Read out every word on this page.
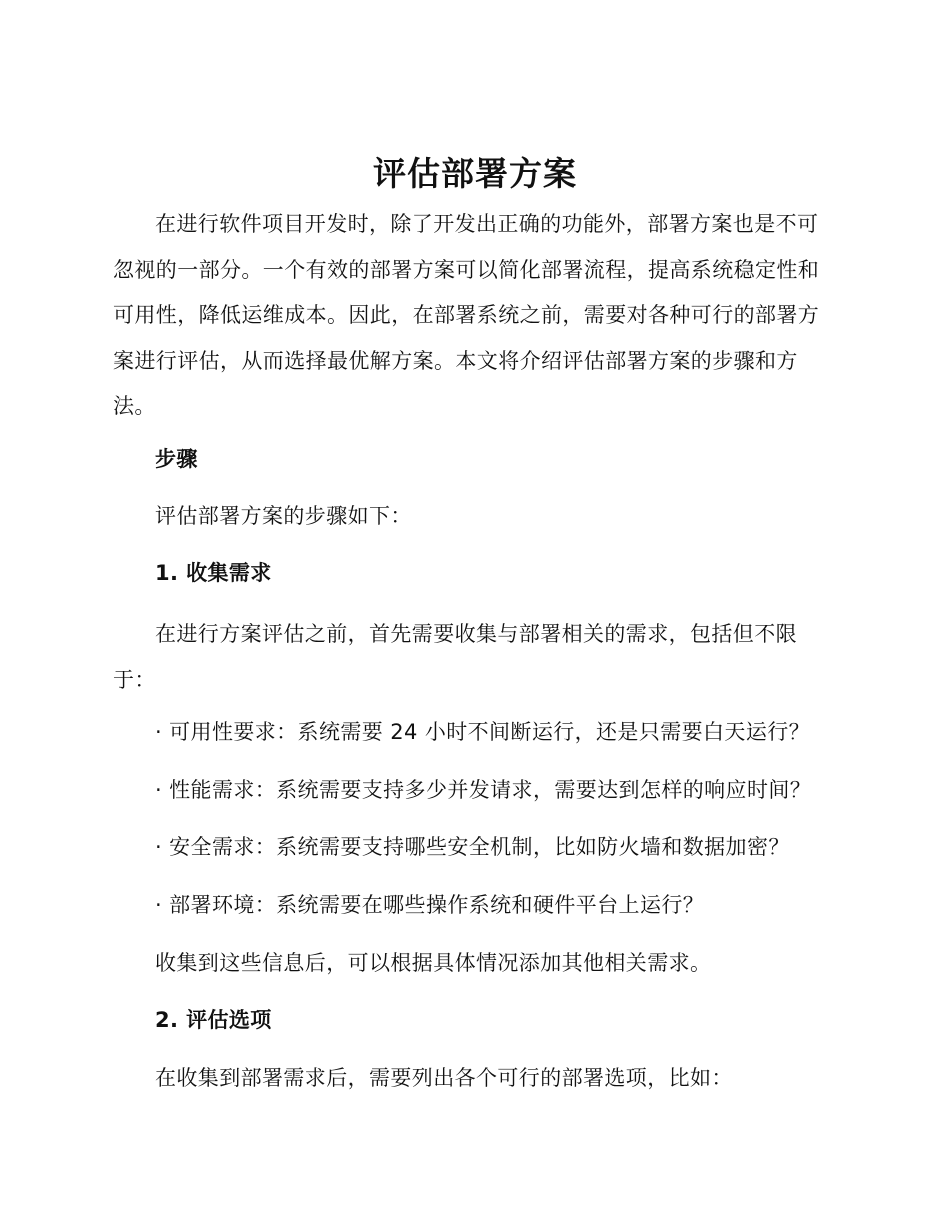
评估部署方案

在进行软件项目开发时，除了开发出正确的功能外，部署方案也是不可忽视的一部分。一个有效的部署方案可以简化部署流程，提高系统稳定性和可用性，降低运维成本。因此，在部署系统之前，需要对各种可行的部署方案进行评估，从而选择最优解方案。本文将介绍评估部署方案的步骤和方法。

步骤
评估部署方案的步骤如下：
1. 收集需求

在进行方案评估之前，首先需要收集与部署相关的需求，包括但不限于：

· 可用性要求：系统需要 24 小时不间断运行，还是只需要白天运行？
· 性能需求：系统需要支持多少并发请求，需要达到怎样的响应时间？
· 安全需求：系统需要支持哪些安全机制，比如防火墙和数据加密？
· 部署环境：系统需要在哪些操作系统和硬件平台上运行？
收集到这些信息后，可以根据具体情况添加其他相关需求。
2. 评估选项
在收集到部署需求后，需要列出各个可行的部署选项，比如：
